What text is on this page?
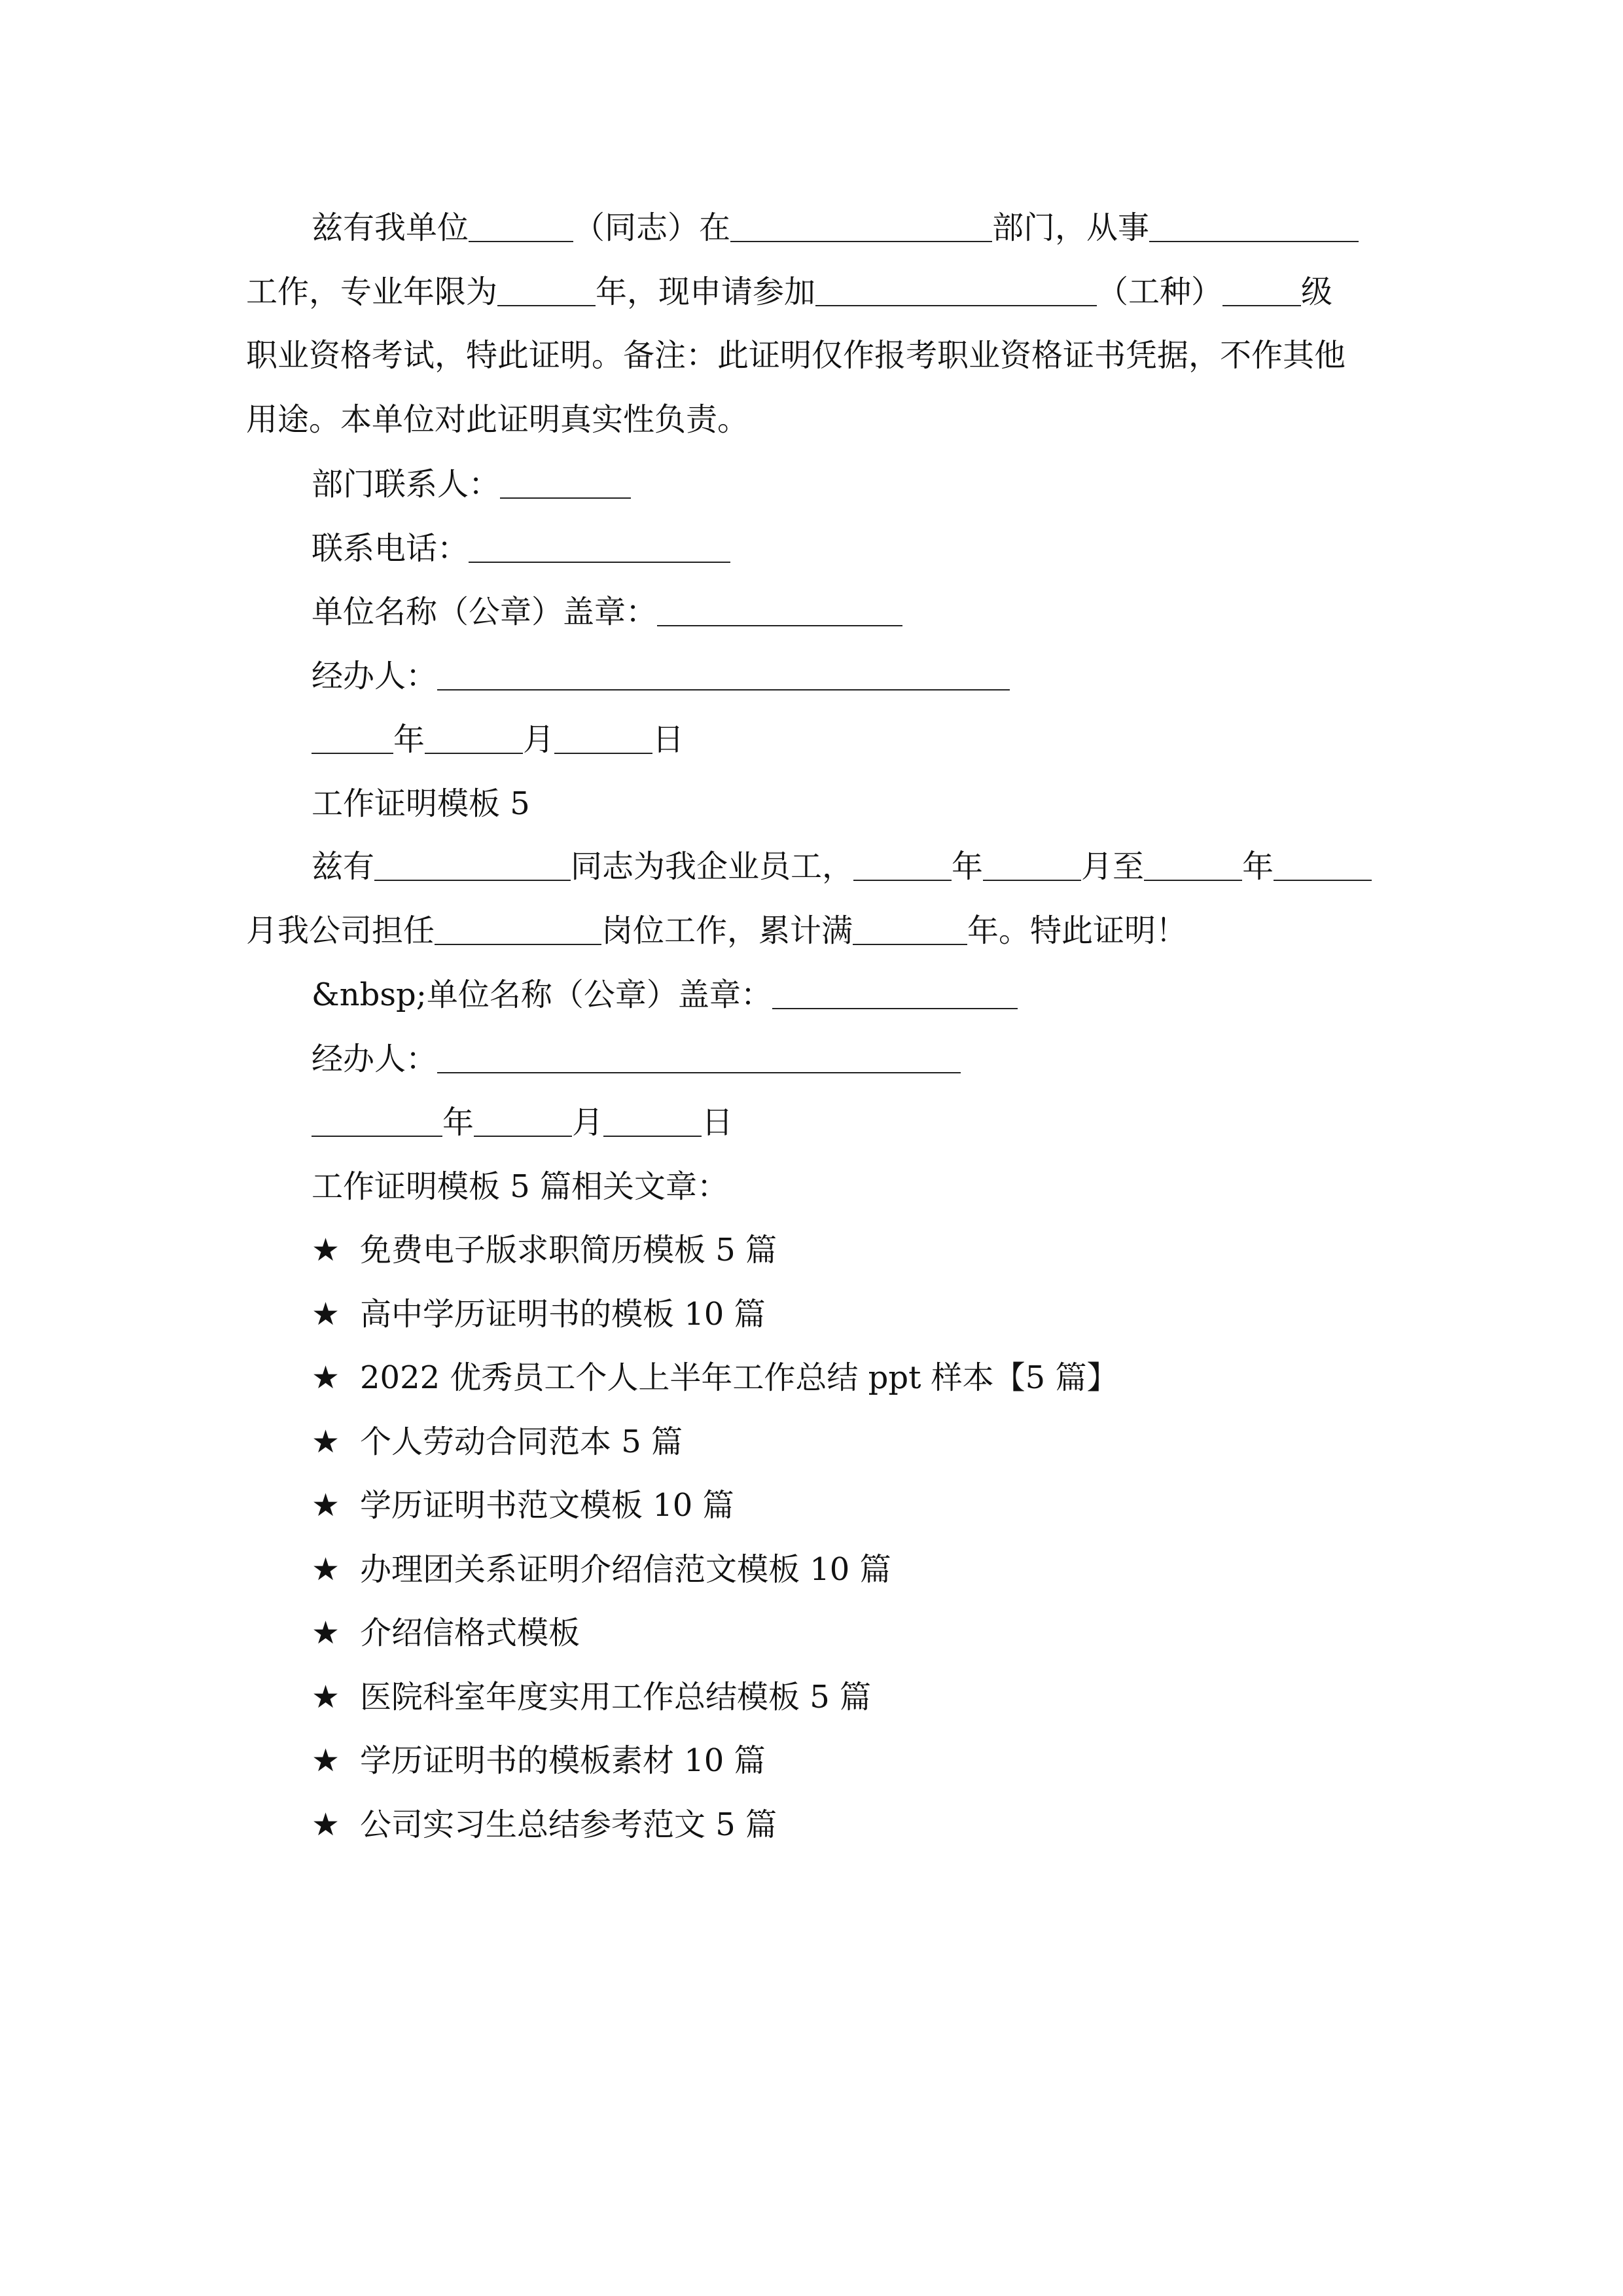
兹有我单位	（同志）在	部门，从事
工作，专业年限为	年，现申请参加	（工种）	级
职业资格考试，特此证明。备注：此证明仅作报考职业资格证书凭据，不作其他
用途。本单位对此证明真实性负责。
部门联系人：
联系电话：
单位名称（公章）盖章：
经办人：
年	月	日
工作证明模板 5
兹有	同志为我企业员工，	年	月至	年
月我公司担任	岗位工作，累计满	年。特此证明！
&nbsp;单位名称（公章）盖章：
经办人：
年	月	日
工作证明模板 5 篇相关文章：
★ 免费电子版求职简历模板 5 篇
★ 高中学历证明书的模板 10 篇
★ 2022 优秀员工个人上半年工作总结 ppt 样本【5 篇】
★ 个人劳动合同范本 5 篇
★ 学历证明书范文模板 10 篇
★ 办理团关系证明介绍信范文模板 10 篇
★ 介绍信格式模板
★ 医院科室年度实用工作总结模板 5 篇
★ 学历证明书的模板素材 10 篇
★ 公司实习生总结参考范文 5 篇
